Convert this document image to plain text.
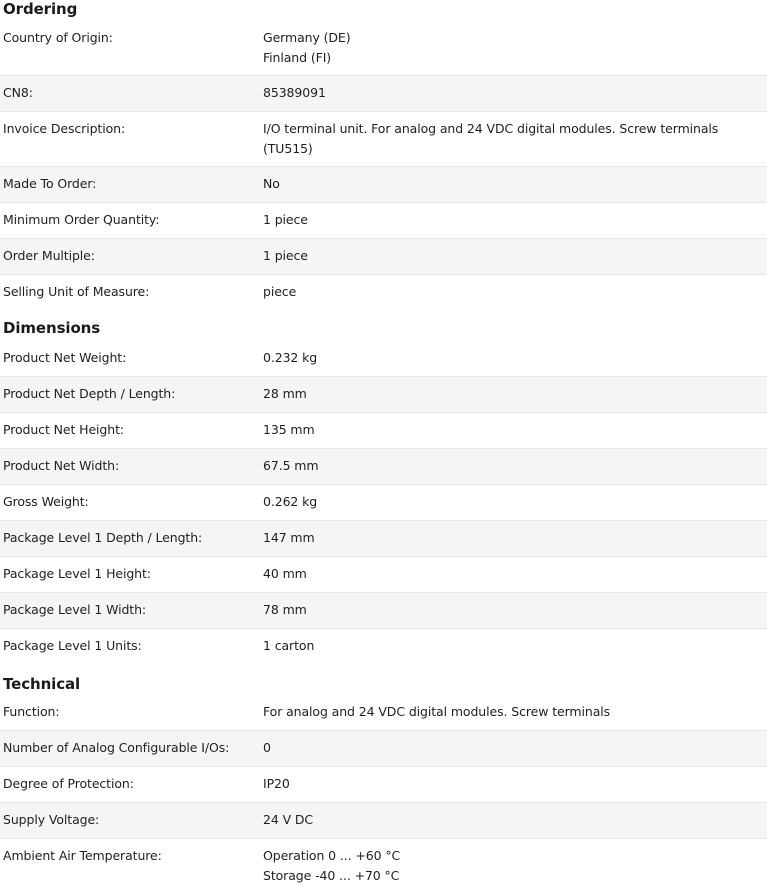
Ordering
Country of Origin:	Germany (DE)
Finland (FI)
CN8:	85389091
Invoice Description:	I/O terminal unit. For analog and 24 VDC digital modules. Screw terminals (TU515)
Made To Order:	No
Minimum Order Quantity:	1 piece
Order Multiple:	1 piece
Selling Unit of Measure:	piece
Dimensions
Product Net Weight:	0.232 kg
Product Net Depth / Length:	28 mm
Product Net Height:	135 mm
Product Net Width:	67.5 mm
Gross Weight:	0.262 kg
Package Level 1 Depth / Length:	147 mm
Package Level 1 Height:	40 mm
Package Level 1 Width:	78 mm
Package Level 1 Units:	1 carton
Technical
Function:	For analog and 24 VDC digital modules. Screw terminals
Number of Analog Configurable I/Os:	0
Degree of Protection:	IP20
Supply Voltage:	24 V DC
Ambient Air Temperature:	Operation 0 ... +60 °C
Storage -40 ... +70 °C
